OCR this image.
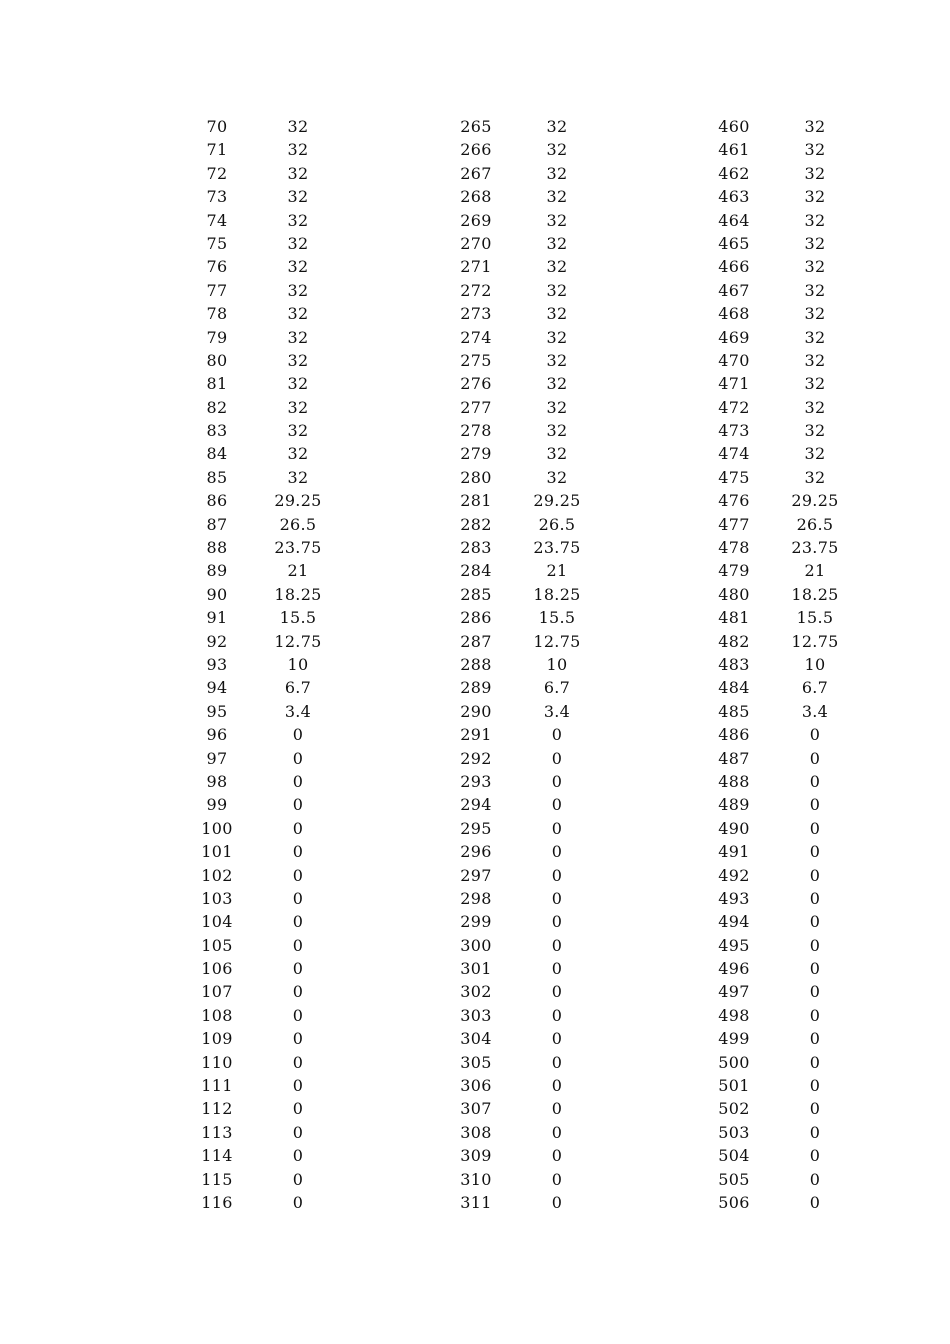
70	32
71	32
72	32
73	32
74	32
75	32
76	32
77	32
78	32
79	32
80	32
81	32
82	32
83	32
84	32
85	32
86	29.25
87	26.5
88	23.75
89	21
90	18.25
91	15.5
92	12.75
93	10
94	6.7
95	3.4
96	0
97	0
98	0
99	0
100	0
101	0
102	0
103	0
104	0
105	0
106	0
107	0
108	0
109	0
110	0
111	0
112	0
113	0
114	0
115	0
116	0
265	32
266	32
267	32
268	32
269	32
270	32
271	32
272	32
273	32
274	32
275	32
276	32
277	32
278	32
279	32
280	32
281	29.25
282	26.5
283	23.75
284	21
285	18.25
286	15.5
287	12.75
288	10
289	6.7
290	3.4
291	0
292	0
293	0
294	0
295	0
296	0
297	0
298	0
299	0
300	0
301	0
302	0
303	0
304	0
305	0
306	0
307	0
308	0
309	0
310	0
311	0
460	32
461	32
462	32
463	32
464	32
465	32
466	32
467	32
468	32
469	32
470	32
471	32
472	32
473	32
474	32
475	32
476	29.25
477	26.5
478	23.75
479	21
480	18.25
481	15.5
482	12.75
483	10
484	6.7
485	3.4
486	0
487	0
488	0
489	0
490	0
491	0
492	0
493	0
494	0
495	0
496	0
497	0
498	0
499	0
500	0
501	0
502	0
503	0
504	0
505	0
506	0
